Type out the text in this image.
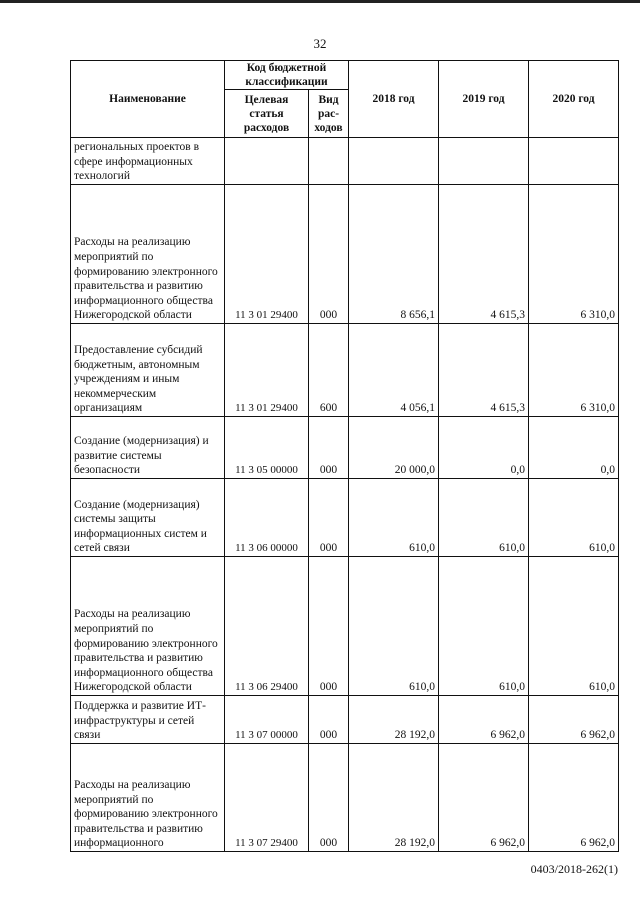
32
Наименование	Код бюджетной классификации		2018 год	2019 год	2020 год
	Целевая статья расходов	Вид рас-ходов			
региональных проектов в сфере информационных технологий					
Расходы на реализацию мероприятий по формированию электронного правительства и развитию информационного общества Нижегородской области	11 3 01 29400	000	8 656,1	4 615,3	6 310,0
Предоставление субсидий бюджетным, автономным учреждениям и иным некоммерческим организациям	11 3 01 29400	600	4 056,1	4 615,3	6 310,0
Создание (модернизация) и развитие системы безопасности	11 3 05 00000	000	20 000,0	0,0	0,0
Создание (модернизация) системы защиты информационных систем и сетей связи	11 3 06 00000	000	610,0	610,0	610,0
Расходы на реализацию мероприятий по формированию электронного правительства и развитию информационного общества Нижегородской области	11 3 06 29400	000	610,0	610,0	610,0
Поддержка и развитие ИТ-инфраструктуры и сетей связи	11 3 07 00000	000	28 192,0	6 962,0	6 962,0
Расходы на реализацию мероприятий по формированию электронного правительства и развитию информационного	11 3 07 29400	000	28 192,0	6 962,0	6 962,0
0403/2018-262(1)
